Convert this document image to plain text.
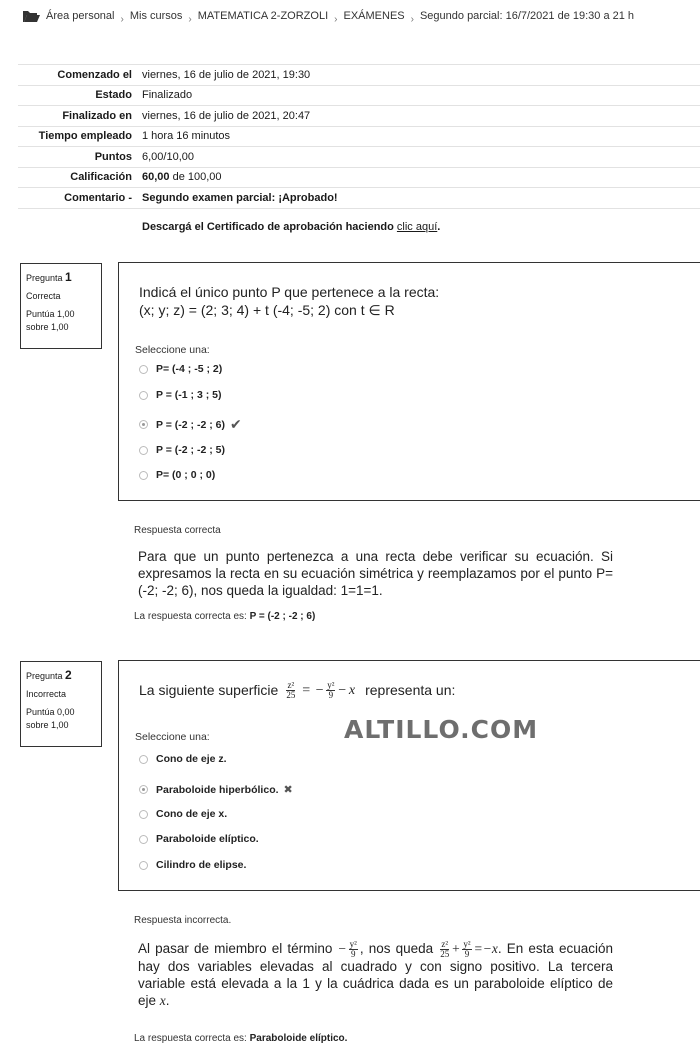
Área personal › Mis cursos › MATEMATICA 2-ZORZOLI › EXÁMENES › Segundo parcial: 16/7/2021 de 19:30 a 21 h
Comenzado el	viernes, 16 de julio de 2021, 19:30
Estado	Finalizado
Finalizado en	viernes, 16 de julio de 2021, 20:47
Tiempo empleado	1 hora 16 minutos
Puntos	6,00/10,00
Calificación	60,00 de 100,00
Comentario -	Segundo examen parcial: ¡Aprobado!
Descargá el Certificado de aprobación haciendo clic aquí.
Pregunta 1
Correcta
Puntúa 1,00
sobre 1,00
Indicá el único punto P que pertenece a la recta:
(x; y; z) = (2; 3; 4) + t (-4; -5; 2) con t ∈ R
Seleccione una:
P= (-4 ; -5 ; 2)
P = (-1 ; 3 ; 5)
P = (-2 ; -2 ; 6) ✔
P = (-2 ; -2 ; 5)
P= (0 ; 0 ; 0)
Respuesta correcta
Para que un punto pertenezca a una recta debe verificar su ecuación. Si expresamos la recta en su ecuación simétrica y reemplazamos por el punto P=(-2; -2; 6), nos queda la igualdad: 1=1=1.
La respuesta correcta es: P = (-2 ; -2 ; 6)
Pregunta 2
Incorrecta
Puntúa 0,00
sobre 1,00
La siguiente superficie $\frac{\text{z²}}{25}$ = − $\frac{\text{y²}}{9} - x$ representa un:
Seleccione una:
Cono de eje z.
Paraboloide hiperbólico. ✖
Cono de eje x.
Paraboloide elíptico.
Cilindro de elipse.
ALTILLO.COM
Respuesta incorrecta.
Al pasar de miembro el término − $\frac{\text{y²}}{9}$ , nos queda $\frac{\text{z²}}{25} + \frac{\text{y²}}{9} =-x$. En esta ecuación hay dos variables elevadas al cuadrado y con signo positivo. La tercera variable está elevada a la 1 y la cuádrica dada es un paraboloide elíptico de eje x.
La respuesta correcta es: Paraboloide elíptico.
